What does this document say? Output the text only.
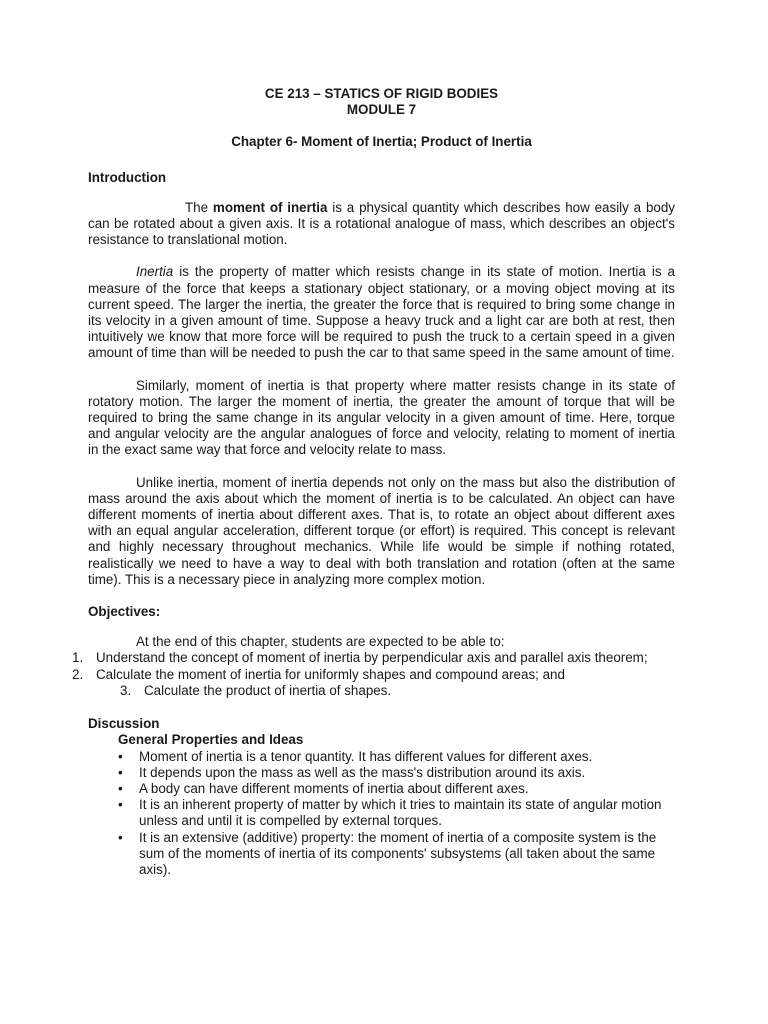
CE 213 – STATICS OF RIGID BODIES

MODULE 7

Chapter 6- Moment of Inertia; Product of Inertia

Introduction

The moment of inertia is a physical quantity which describes how easily a body can be rotated about a given axis. It is a rotational analogue of mass, which describes an object's resistance to translational motion.

Inertia is the property of matter which resists change in its state of motion. Inertia is a measure of the force that keeps a stationary object stationary, or a moving object moving at its current speed. The larger the inertia, the greater the force that is required to bring some change in its velocity in a given amount of time. Suppose a heavy truck and a light car are both at rest, then intuitively we know that more force will be required to push the truck to a certain speed in a given amount of time than will be needed to push the car to that same speed in the same amount of time.

Similarly, moment of inertia is that property where matter resists change in its state of rotatory motion. The larger the moment of inertia, the greater the amount of torque that will be required to bring the same change in its angular velocity in a given amount of time. Here, torque and angular velocity are the angular analogues of force and velocity, relating to moment of inertia in the exact same way that force and velocity relate to mass.

Unlike inertia, moment of inertia depends not only on the mass but also the distribution of mass around the axis about which the moment of inertia is to be calculated. An object can have different moments of inertia about different axes. That is, to rotate an object about different axes with an equal angular acceleration, different torque (or effort) is required. This concept is relevant and highly necessary throughout mechanics. While life would be simple if nothing rotated, realistically we need to have a way to deal with both translation and rotation (often at the same time). This is a necessary piece in analyzing more complex motion.

Objectives:

At the end of this chapter, students are expected to be able to:

1. Understand the concept of moment of inertia by perpendicular axis and parallel axis theorem;
2. Calculate the moment of inertia for uniformly shapes and compound areas; and
3. Calculate the product of inertia of shapes.

Discussion

General Properties and Ideas

• Moment of inertia is a tenor quantity. It has different values for different axes.
• It depends upon the mass as well as the mass's distribution around its axis.
• A body can have different moments of inertia about different axes.
• It is an inherent property of matter by which it tries to maintain its state of angular motion unless and until it is compelled by external torques.
• It is an extensive (additive) property: the moment of inertia of a composite system is the sum of the moments of inertia of its components' subsystems (all taken about the same axis).
